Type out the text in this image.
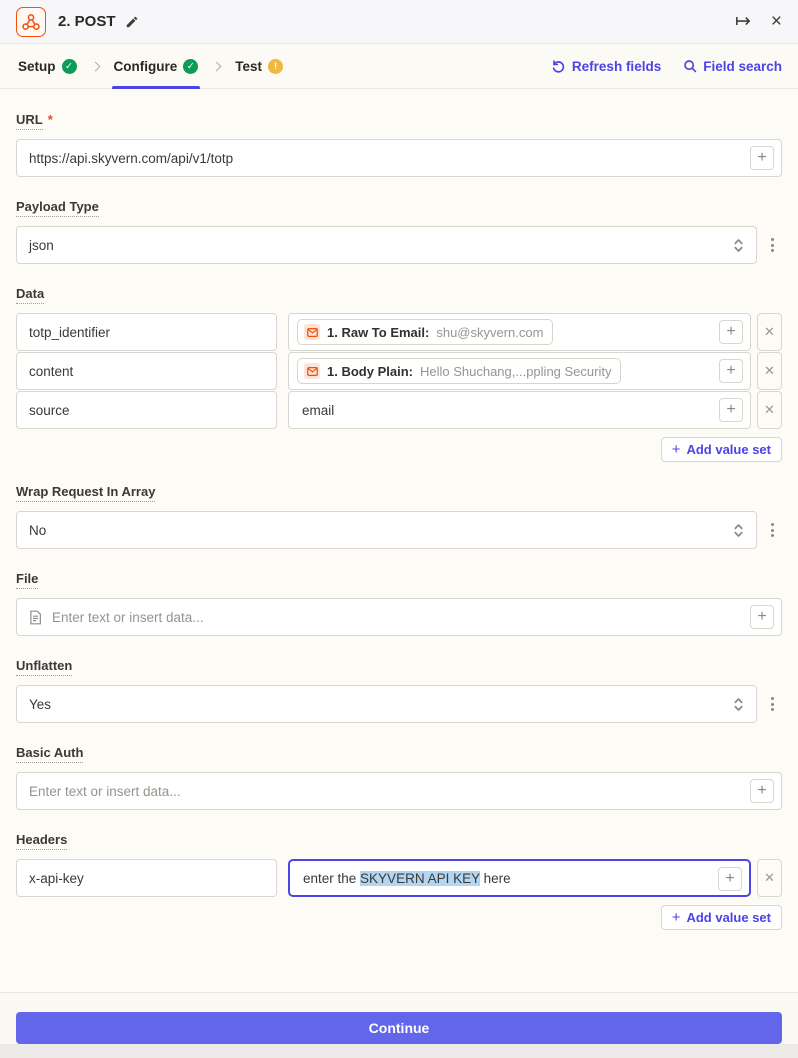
2. POST	↦ ×
Setup	✓	Configure	✓	Test	!	Refresh fields	Field search
URL *
https://api.skyvern.com/api/v1/totp
+
Payload Type
json
Data
totp_identifier
1. Raw To Email: shu@skyvern.com	+	✕
content
1. Body Plain: Hello Shuchang,...ppling Security	+	✕
source
email	+	✕
+ Add value set
Wrap Request In Array
No
File
Enter text or insert data...
+
Unflatten
Yes
Basic Auth
Enter text or insert data...
+
Headers
x-api-key
enter the SKYVERN API KEY here	+	✕
+ Add value set
Continue
